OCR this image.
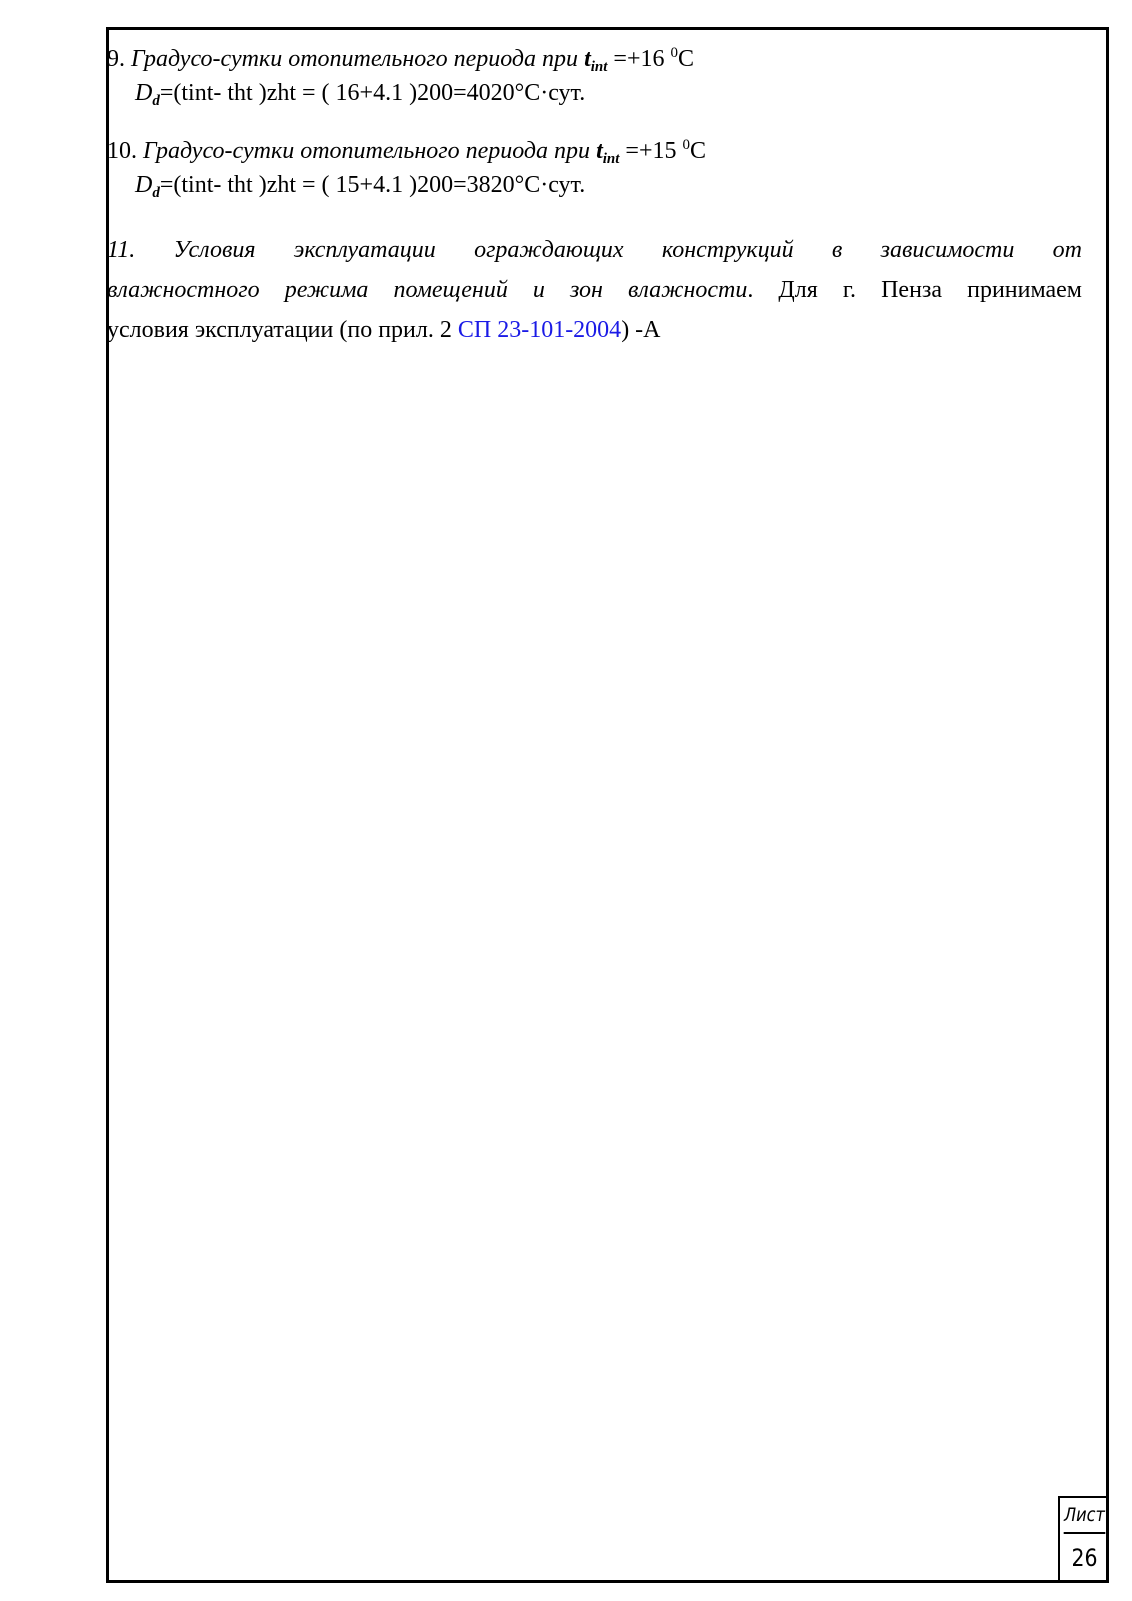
9. Градусо-сутки отопительного периода при $t_{int} =+16$ $^0$C
$D_d=(tint-$ tht )zht = ( 16+4.1 )200=4020°С·сут.
10. Градусо-сутки отопительного периода при $t_{int} =+15$ $^0$C
$D_d=(tint-$ tht )zht = ( 15+4.1 )200=3820°С·сут.
11. Условия эксплуатации ограждающих конструкций в зависимости от
влажностного режима помещений и зон влажности. Для г. Пенза принимаем
условия эксплуатации (по прил. 2 СП 23-101-2004) -А
Лист
26
